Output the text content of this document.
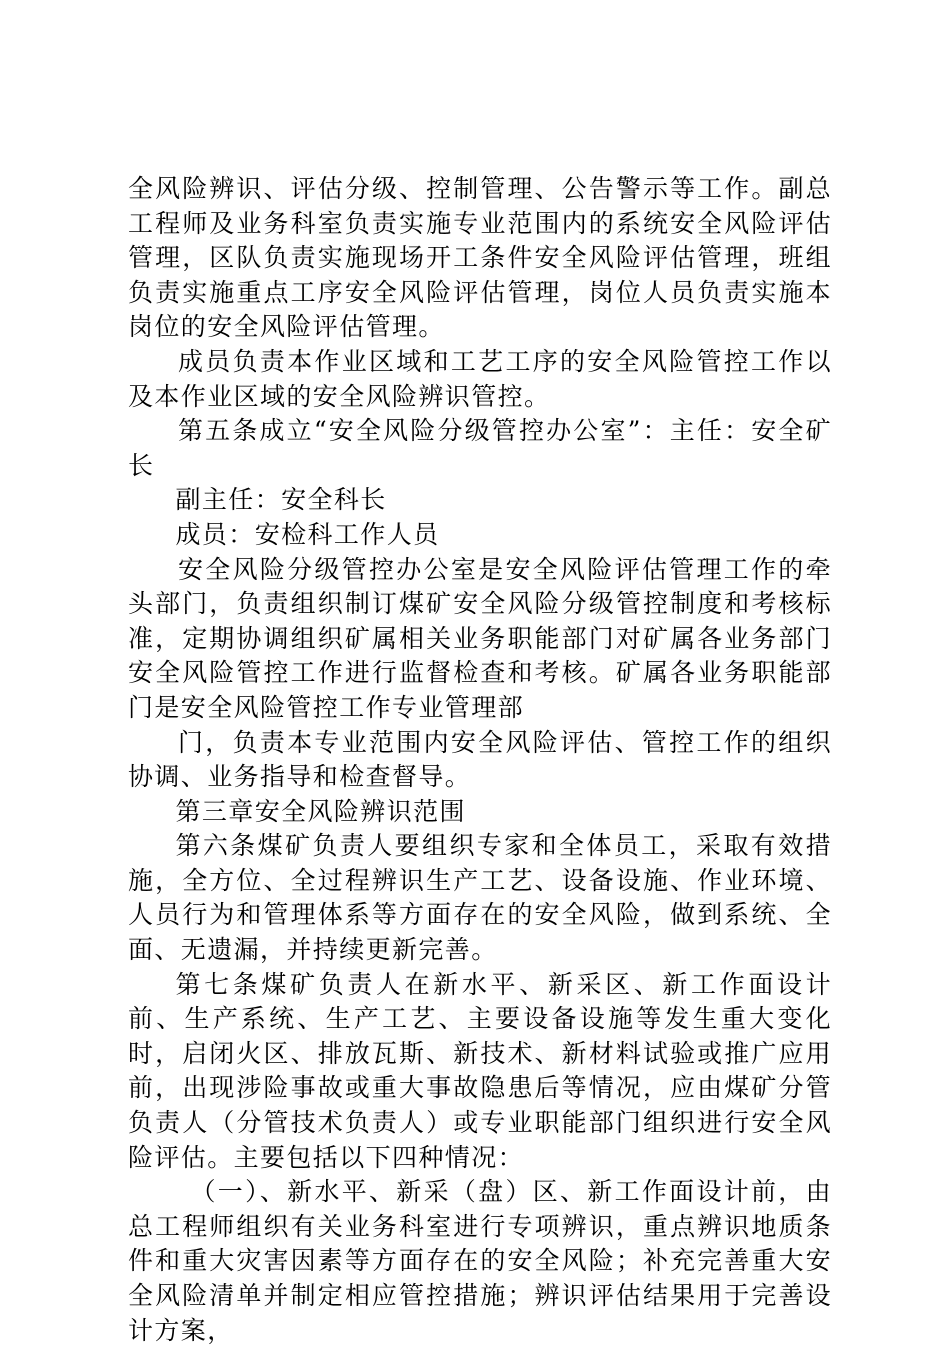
全风险辨识、评估分级、控制管理、公告警示等工作。副总工程师及业务科室负责实施专业范围内的系统安全风险评估管理，区队负责实施现场开工条件安全风险评估管理，班组负责实施重点工序安全风险评估管理，岗位人员负责实施本岗位的安全风险评估管理。

成员负责本作业区域和工艺工序的安全风险管控工作以及本作业区域的安全风险辨识管控。

第五条成立“安全风险分级管控办公室”：主任：安全矿长

副主任：安全科长

成员：安检科工作人员

安全风险分级管控办公室是安全风险评估管理工作的牵头部门，负责组织制订煤矿安全风险分级管控制度和考核标准，定期协调组织矿属相关业务职能部门对矿属各业务部门安全风险管控工作进行监督检查和考核。矿属各业务职能部门是安全风险管控工作专业管理部

门，负责本专业范围内安全风险评估、管控工作的组织协调、业务指导和检查督导。

第三章安全风险辨识范围

第六条煤矿负责人要组织专家和全体员工，采取有效措施，全方位、全过程辨识生产工艺、设备设施、作业环境、人员行为和管理体系等方面存在的安全风险，做到系统、全面、无遗漏，并持续更新完善。

第七条煤矿负责人在新水平、新采区、新工作面设计前、生产系统、生产工艺、主要设备设施等发生重大变化时，启闭火区、排放瓦斯、新技术、新材料试验或推广应用前，出现涉险事故或重大事故隐患后等情况，应由煤矿分管负责人（分管技术负责人）或专业职能部门组织进行安全风险评估。主要包括以下四种情况：

（一）、新水平、新采（盘）区、新工作面设计前，由总工程师组织有关业务科室进行专项辨识，重点辨识地质条件和重大灾害因素等方面存在的安全风险；补充完善重大安全风险清单并制定相应管控措施；辨识评估结果用于完善设计方案，
